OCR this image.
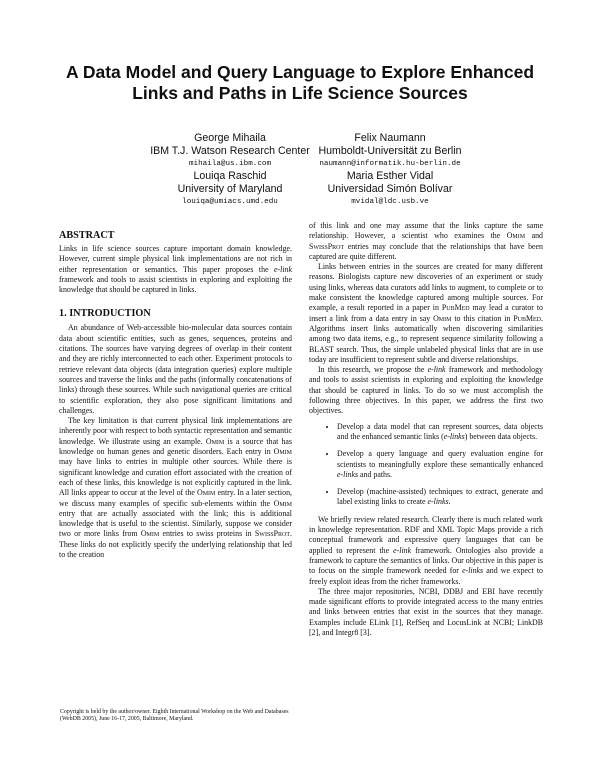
A Data Model and Query Language to Explore Enhanced
Links and Paths in Life Science Sources
George Mihaila
IBM T.J. Watson Research Center
mihaila@us.ibm.com
Felix Naumann
Humboldt-Universität zu Berlin
naumann@informatik.hu-berlin.de
Louiqa Raschid
University of Maryland
louiqa@umiacs.umd.edu
Maria Esther Vidal
Universidad Simón Bolívar
mvidal@ldc.usb.ve

ABSTRACT

Links in life science sources capture important domain knowledge. However, current simple physical link implementations are not rich in either representation or semantics. This paper proposes the e-link framework and tools to assist scientists in exploring and exploiting the knowledge that should be captured in links.

1. INTRODUCTION

An abundance of Web-accessible bio-molecular data sources contain data about scientific entities, such as genes, sequences, proteins and citations. The sources have varying degrees of overlap in their content and they are richly interconnected to each other. Experiment protocols to retrieve relevant data objects (data integration queries) explore multiple sources and traverse the links and the paths (informally concatenations of links) through these sources. While such navigational queries are critical to scientific exploration, they also pose significant limitations and challenges.

The key limitation is that current physical link implementations are inherently poor with respect to both syntactic representation and semantic knowledge. We illustrate using an example. Omim is a source that has knowledge on human genes and genetic disorders. Each entry in Omim may have links to entries in multiple other sources. While there is significant knowledge and curation effort associated with the creation of each of these links, this knowledge is not explicitly captured in the link. All links appear to occur at the level of the Omim entry. In a later section, we discuss many examples of specific sub-elements within the Omim entry that are actually associated with the link; this is additional knowledge that is useful to the scientist. Similarly, suppose we consider two or more links from Omim entries to swiss proteins in SwissProt. These links do not explicitly specify the underlying relationship that led to the creation

Copyright is held by the author/owner. Eighth International Workshop on the Web and Databases (WebDB 2005), June 16-17, 2005, Baltimore, Maryland.

of this link and one may assume that the links capture the same relationship. However, a scientist who examines the Omim and SwissProt entries may conclude that the relationships that have been captured are quite different.

Links between entries in the sources are created for many different reasons. Biologists capture new discoveries of an experiment or study using links, whereas data curators add links to augment, to complete or to make consistent the knowledge captured among multiple sources. For example, a result reported in a paper in PubMed may lead a curator to insert a link from a data entry in say Omim to this citation in PubMed. Algorithms insert links automatically when discovering similarities among two data items, e.g., to represent sequence similarity following a BLAST search. Thus, the simple unlabeled physical links that are in use today are insufficient to represent subtle and diverse relationships.

In this research, we propose the e-link framework and methodology and tools to assist scientists in exploring and exploiting the knowledge that should be captured in links. To do so we must accomplish the following three objectives. In this paper, we address the first two objectives.

• Develop a data model that can represent sources, data objects and the enhanced semantic links (e-links) between data objects.
• Develop a query language and query evaluation engine for scientists to meaningfully explore these semantically enhanced e-links and paths.
• Develop (machine-assisted) techniques to extract, generate and label existing links to create e-links.

We briefly review related research. Clearly there is much related work in knowledge representation. RDF and XML Topic Maps provide a rich conceptual framework and expressive query languages that can be applied to represent the e-link framework. Ontologies also provide a framework to capture the semantics of links. Our objective in this paper is to focus on the simple framework needed for e-links and we expect to freely exploit ideas from the richer frameworks.

The three major repositories, NCBI, DDBJ and EBI have recently made significant efforts to provide integrated access to the many entries and links between entries that exist in the sources that they manage. Examples include ELink [1], RefSeq and LocusLink at NCBI; LinkDB [2], and Integr8 [3].
